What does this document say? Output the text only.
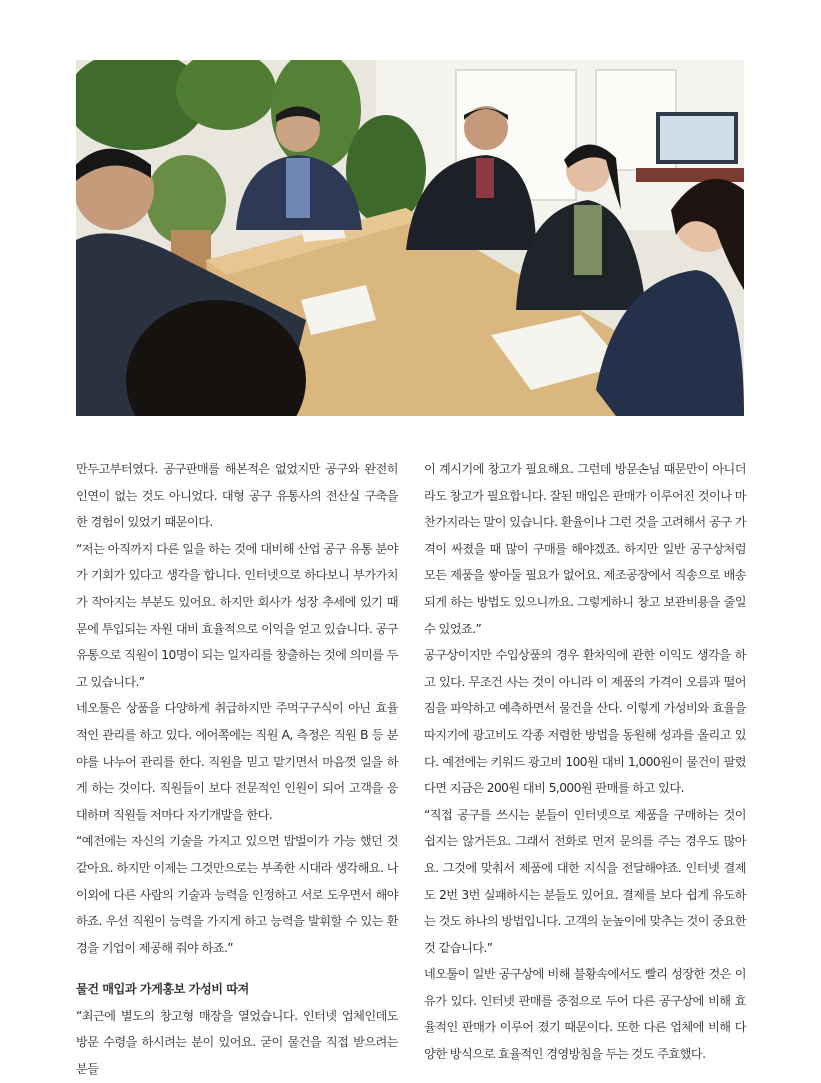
만두고부터였다. 공구판매를 해본적은 없었지만 공구와 완전히 인연이 없는 것도 아니었다. 대형 공구 유통사의 전산실 구축을 한 경험이 있었기 때문이다.

“저는 아직까지 다른 일을 하는 것에 대비해 산업 공구 유통 분야가 기회가 있다고 생각을 합니다. 인터넷으로 하다보니 부가가치가 작아지는 부분도 있어요. 하지만 회사가 성장 추세에 있기 때문에 투입되는 자원 대비 효율적으로 이익을 얻고 있습니다. 공구유통으로 직원이 10명이 되는 일자리를 창출하는 것에 의미를 두고 있습니다.”

네오툴은 상품을 다양하게 취급하지만 주먹구구식이 아닌 효율적인 관리를 하고 있다. 에어쪽에는 직원 A, 측정은 직원 B 등 분야를 나누어 관리를 한다. 직원을 믿고 맡기면서 마음껏 일을 하게 하는 것이다. 직원들이 보다 전문적인 인원이 되어 고객을 응대하며 직원들 저마다 자기개발을 한다.

“예전에는 자신의 기술을 가지고 있으면 밥벌이가 가능 했던 것 같아요. 하지만 이제는 그것만으로는 부족한 시대라 생각해요. 나 이외에 다른 사람의 기술과 능력을 인정하고 서로 도우면서 해야 하죠. 우선 직원이 능력을 가지게 하고 능력을 발휘할 수 있는 환경을 기업이 제공해 줘야 하죠.”

물건 매입과 가게홍보 가성비 따져

“최근에 별도의 창고형 매장을 열었습니다. 인터넷 업체인데도 방문 수령을 하시려는 분이 있어요. 굳이 물건을 직접 받으려는 분들

이 계시기에 창고가 필요해요. 그런데 방문손님 때문만이 아니더라도 창고가 필요합니다. 잘된 매입은 판매가 이루어진 것이나 마찬가지라는 말이 있습니다. 환율이나 그런 것을 고려해서 공구 가격이 싸졌을 때 많이 구매를 해야겠죠. 하지만 일반 공구상처럼 모든 제품을 쌓아둘 필요가 없어요. 제조공장에서 직송으로 배송되게 하는 방법도 있으니까요. 그렇게하니 창고 보관비용을 줄일 수 있었죠.”

공구상이지만 수입상품의 경우 환차익에 관한 이익도 생각을 하고 있다. 무조건 사는 것이 아니라 이 제품의 가격이 오름과 떨어짐을 파악하고 예측하면서 물건을 산다. 이렇게 가성비와 효율을 따지기에 광고비도 각종 저렴한 방법을 동원해 성과를 올리고 있다. 예전에는 키워드 광고비 100원 대비 1,000원이 물건이 팔렸다면 지금은 200원 대비 5,000원 판매를 하고 있다.

“직접 공구를 쓰시는 분들이 인터넷으로 제품을 구매하는 것이 쉽지는 않거든요. 그래서 전화로 먼저 문의를 주는 경우도 많아요. 그것에 맞춰서 제품에 대한 지식을 전달해야죠. 인터넷 결제도 2번 3번 실패하시는 분들도 있어요. 결제를 보다 쉽게 유도하는 것도 하나의 방법입니다. 고객의 눈높이에 맞추는 것이 중요한 것 같습니다.”

네오툴이 일반 공구상에 비해 불황속에서도 빨리 성장한 것은 이유가 있다. 인터넷 판매를 중점으로 두어 다른 공구상에 비해 효율적인 판매가 이루어 졌기 때문이다. 또한 다른 업체에 비해 다양한 방식으로 효율적인 경영방침을 두는 것도 주효했다.
